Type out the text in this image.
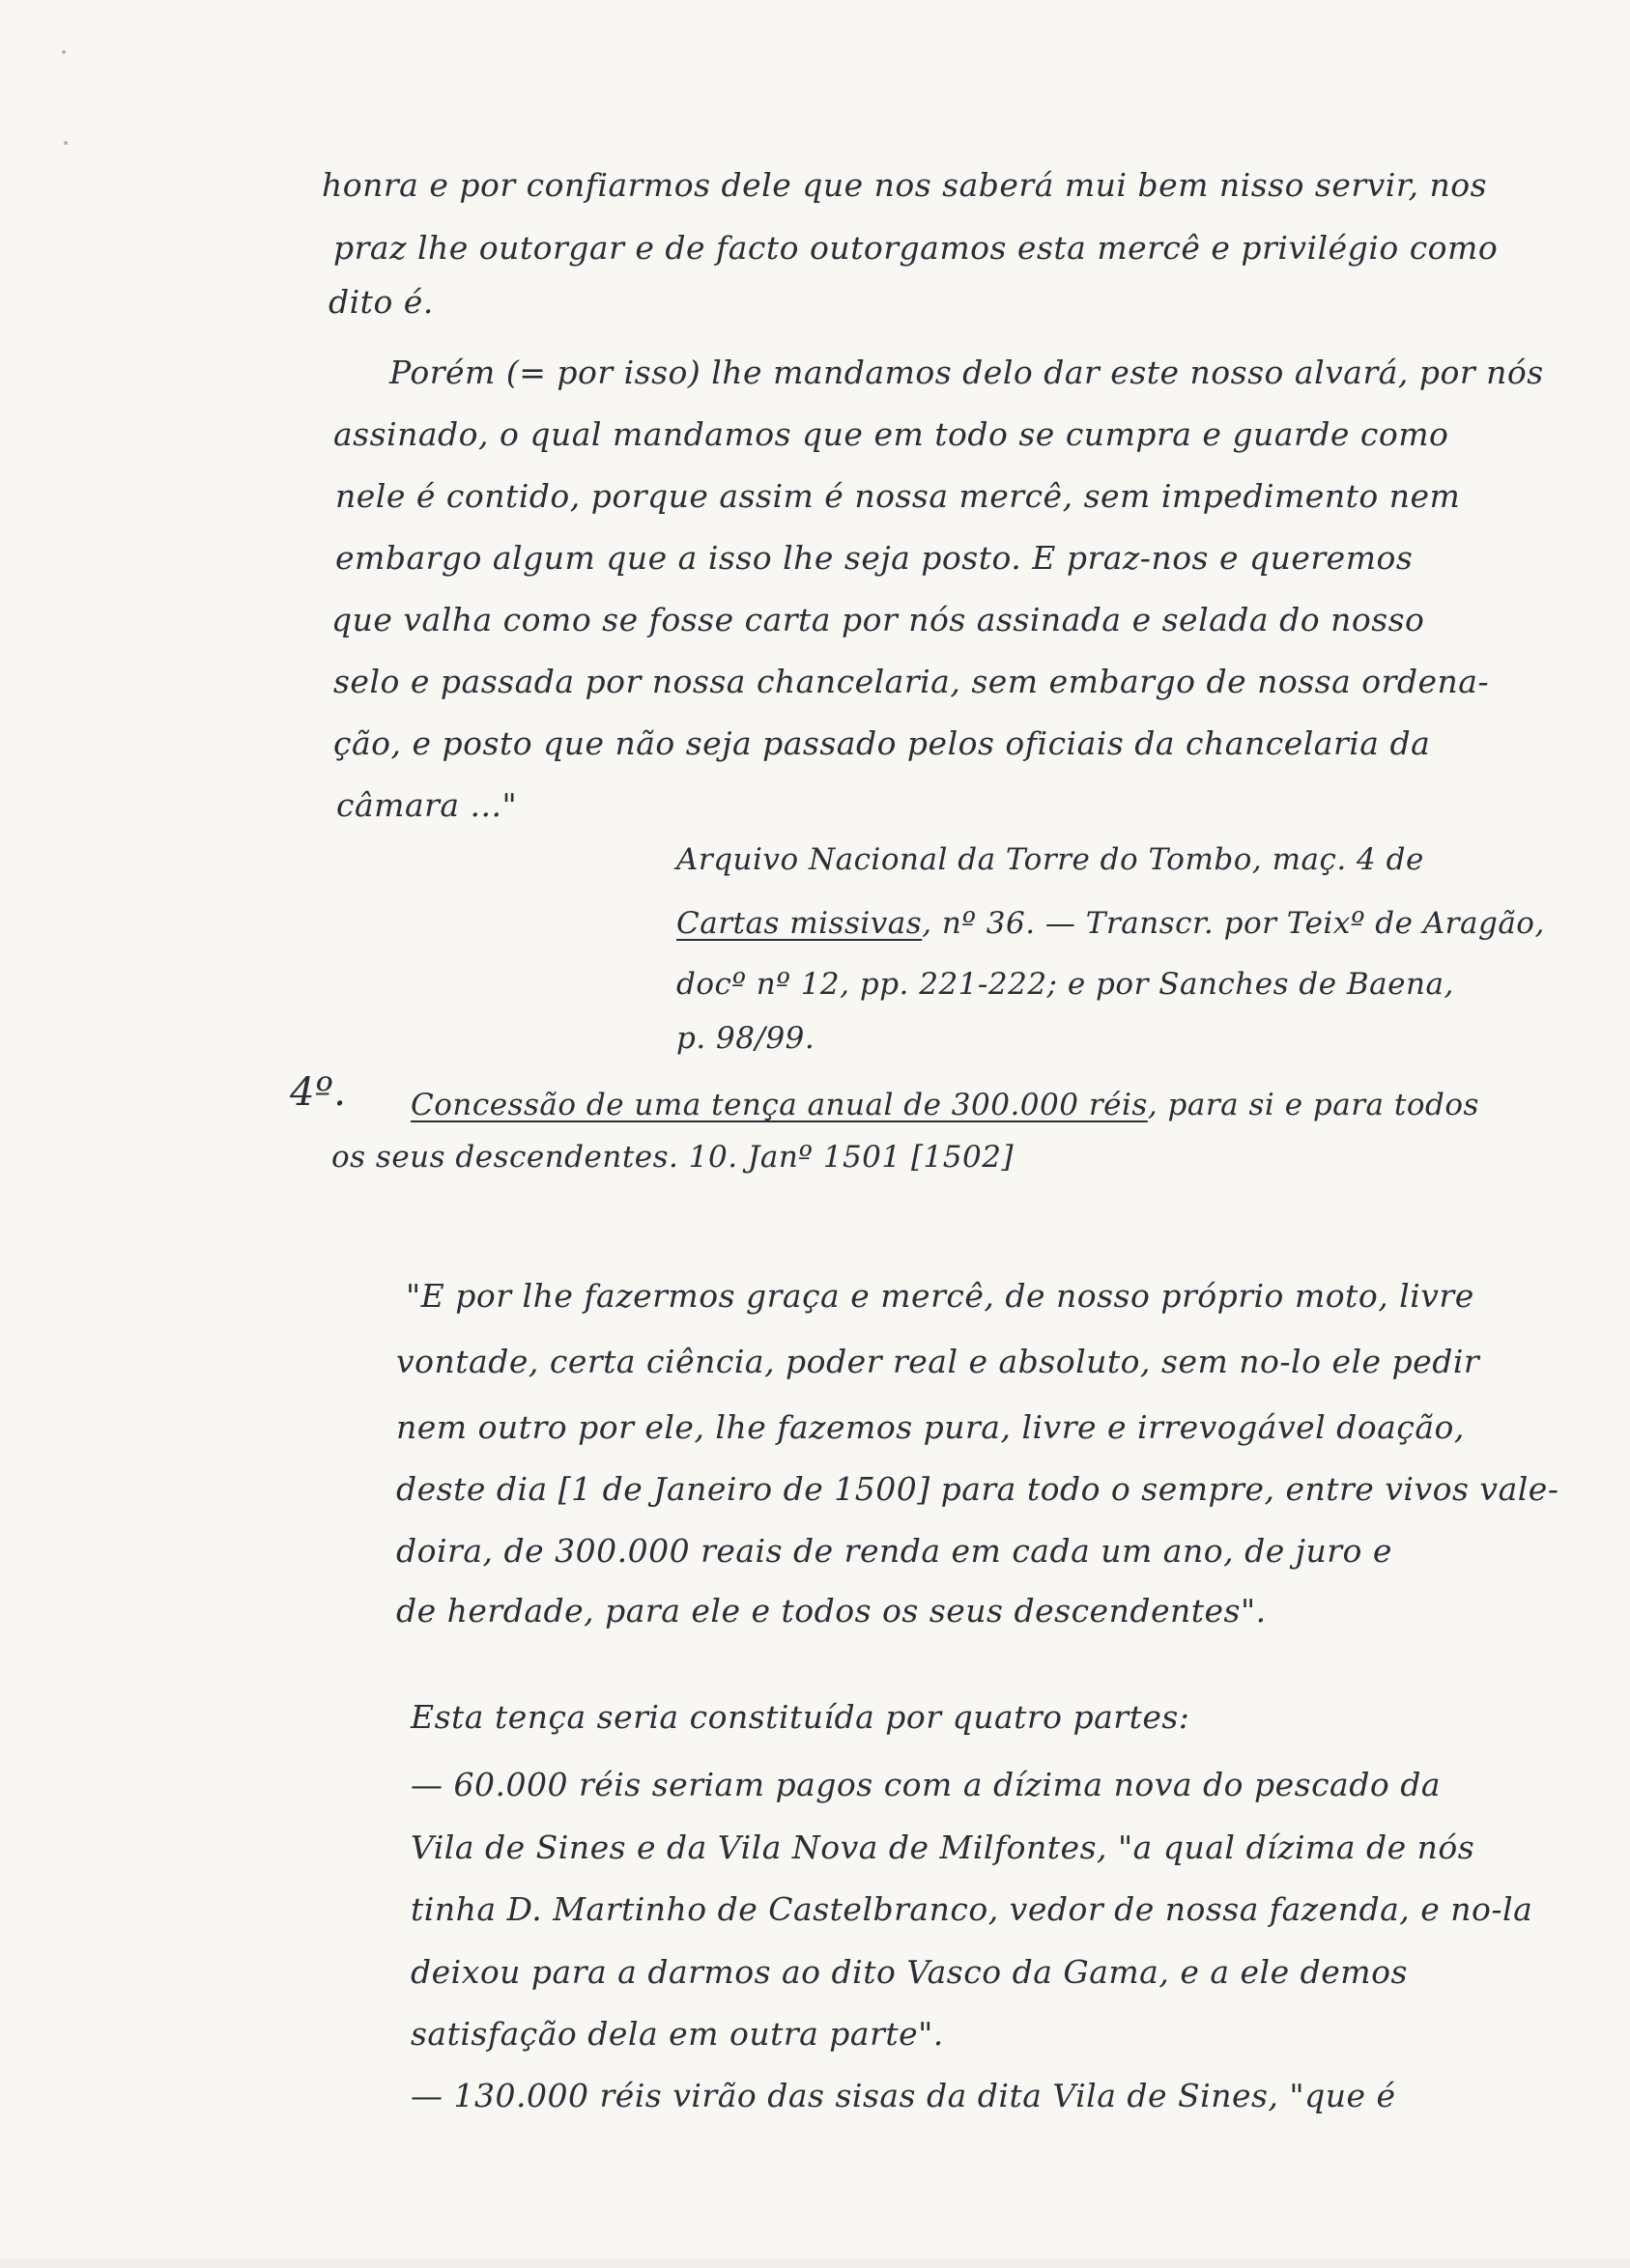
honra e por confiarmos dele que nos saberá mui bem nisso servir, nos
praz lhe outorgar e de facto outorgamos esta mercê e privilégio como
dito é.
Porém (= por isso) lhe mandamos delo dar este nosso alvará, por nós
assinado, o qual mandamos que em todo se cumpra e guarde como
nele é contido, porque assim é nossa mercê, sem impedimento nem
embargo algum que a isso lhe seja posto. E praz-nos e queremos
que valha como se fosse carta por nós assinada e selada do nosso
selo e passada por nossa chancelaria, sem embargo de nossa ordena-
ção, e posto que não seja passado pelos oficiais da chancelaria da
câmara ..."
Arquivo Nacional da Torre do Tombo, maç. 4 de
Cartas missivas, nº 36. — Transcr. por Teixº de Aragão,
docº nº 12, pp. 221-222; e por Sanches de Baena,
p. 98/99.
4º. Concessão de uma tença anual de 300.000 réis, para si e para todos
os seus descendentes. 10. Janº 1501 [1502]
"E por lhe fazermos graça e mercê, de nosso próprio moto, livre
vontade, certa ciência, poder real e absoluto, sem no-lo ele pedir
nem outro por ele, lhe fazemos pura, livre e irrevogável doação,
deste dia [1 de Janeiro de 1500] para todo o sempre, entre vivos vale-
doira, de 300.000 reais de renda em cada um ano, de juro e
de herdade, para ele e todos os seus descendentes".
Esta tença seria constituída por quatro partes:
— 60.000 réis seriam pagos com a dízima nova do pescado da
Vila de Sines e da Vila Nova de Milfontes, "a qual dízima de nós
tinha D. Martinho de Castelbranco, vedor de nossa fazenda, e no-la
deixou para a darmos ao dito Vasco da Gama, e a ele demos
satisfação dela em outra parte".
— 130.000 réis virão das sisas da dita Vila de Sines, "que é
